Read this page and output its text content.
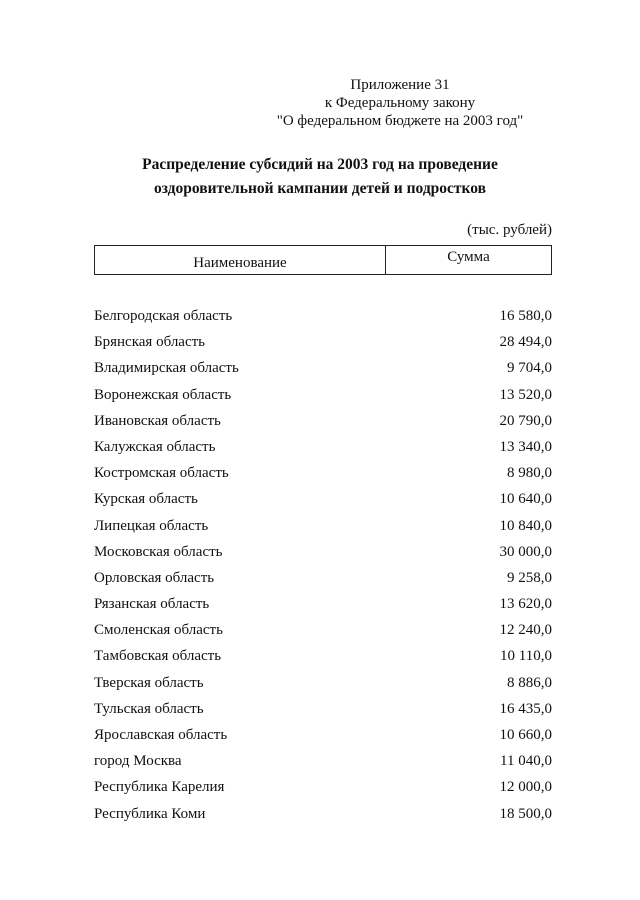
Приложение 31
к Федеральному закону
"О федеральном бюджете на 2003 год"
Распределение субсидий на 2003 год на проведение
оздоровительной кампании детей и подростков
(тыс. рублей)
Наименование	Сумма
Белгородская область	16 580,0
Брянская область	28 494,0
Владимирская область	9 704,0
Воронежская область	13 520,0
Ивановская область	20 790,0
Калужская область	13 340,0
Костромская область	8 980,0
Курская область	10 640,0
Липецкая область	10 840,0
Московская область	30 000,0
Орловская область	9 258,0
Рязанская область	13 620,0
Смоленская область	12 240,0
Тамбовская область	10 110,0
Тверская область	8 886,0
Тульская область	16 435,0
Ярославская область	10 660,0
город Москва	11 040,0
Республика Карелия	12 000,0
Республика Коми	18 500,0
